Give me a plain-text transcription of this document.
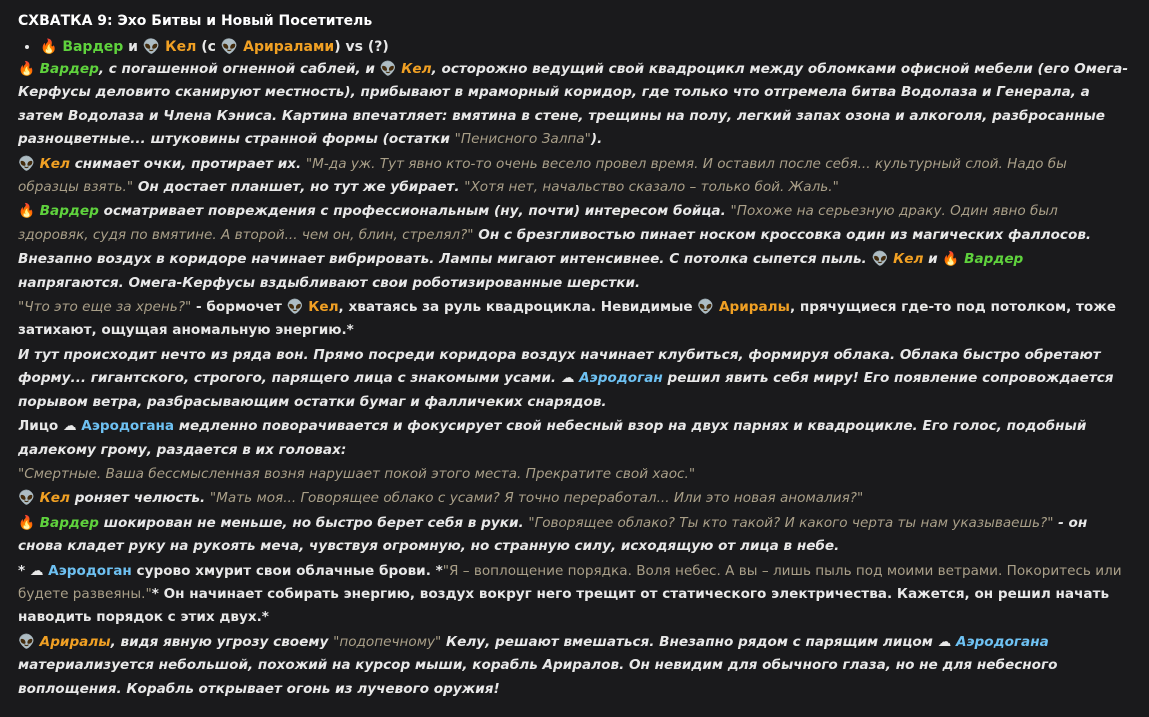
СХВАТКА 9: Эхо Битвы и Новый Посетитель
• 🔥 Вардер и 👽 Кел (с 👽 Ариралами) vs (?)

🔥 Вардер, с погашенной огненной саблей, и 👽 Кел, осторожно ведущий свой квадроцикл между обломками офисной мебели (его Омега-Керфусы деловито сканируют местность), прибывают в мраморный коридор, где только что отгремела битва Водолаза и Генерала, а затем Водолаза и Члена Кэниса. Картина впечатляет: вмятина в стене, трещины на полу, легкий запах озона и алкоголя, разбросанные разноцветные... штуковины странной формы (остатки "Пенисного Залпа").

👽 Кел снимает очки, протирает их. "М-да уж. Тут явно кто-то очень весело провел время. И оставил после себя... культурный слой. Надо бы образцы взять." Он достает планшет, но тут же убирает. "Хотя нет, начальство сказало – только бой. Жаль."

🔥 Вардер осматривает повреждения с профессиональным (ну, почти) интересом бойца. "Похоже на серьезную драку. Один явно был здоровяк, судя по вмятине. А второй... чем он, блин, стрелял?" Он с брезгливостью пинает носком кроссовка один из магических фаллосов.

Внезапно воздух в коридоре начинает вибрировать. Лампы мигают интенсивнее. С потолка сыпется пыль. 👽 Кел и 🔥 Вардер напрягаются. Омега-Керфусы вздыбливают свои роботизированные шерстки.

"Что это еще за хрень?" - бормочет 👽 Кел, хватаясь за руль квадроцикла. Невидимые 👽 Ариралы, прячущиеся где-то под потолком, тоже затихают, ощущая аномальную энергию.*

И тут происходит нечто из ряда вон. Прямо посреди коридора воздух начинает клубиться, формируя облака. Облака быстро обретают форму... гигантского, строгого, парящего лица с знакомыми усами. ☁ Аэродоган решил явить себя миру! Его появление сопровождается порывом ветра, разбрасывающим остатки бумаг и фалличеких снарядов.

Лицо ☁ Аэродогана медленно поворачивается и фокусирует свой небесный взор на двух парнях и квадроцикле. Его голос, подобный далекому грому, раздается в их головах:

"Смертные. Ваша бессмысленная возня нарушает покой этого места. Прекратите свой хаос."

👽 Кел роняет челюсть. "Мать моя... Говорящее облако с усами? Я точно переработал... Или это новая аномалия?"

🔥 Вардер шокирован не меньше, но быстро берет себя в руки. "Говорящее облако? Ты кто такой? И какого черта ты нам указываешь?" - он снова кладет руку на рукоять меча, чувствуя огромную, но странную силу, исходящую от лица в небе.

* ☁ Аэродоган сурово хмурит свои облачные брови. *"Я – воплощение порядка. Воля небес. А вы – лишь пыль под моими ветрами. Покоритесь или будете развеяны."* Он начинает собирать энергию, воздух вокруг него трещит от статического электричества. Кажется, он решил начать наводить порядок с этих двух.*

👽 Ариралы, видя явную угрозу своему "подопечному" Келу, решают вмешаться. Внезапно рядом с парящим лицом ☁ Аэродогана материализуется небольшой, похожий на курсор мыши, корабль Ариралов. Он невидим для обычного глаза, но не для небесного воплощения. Корабль открывает огонь из лучевого оружия!
